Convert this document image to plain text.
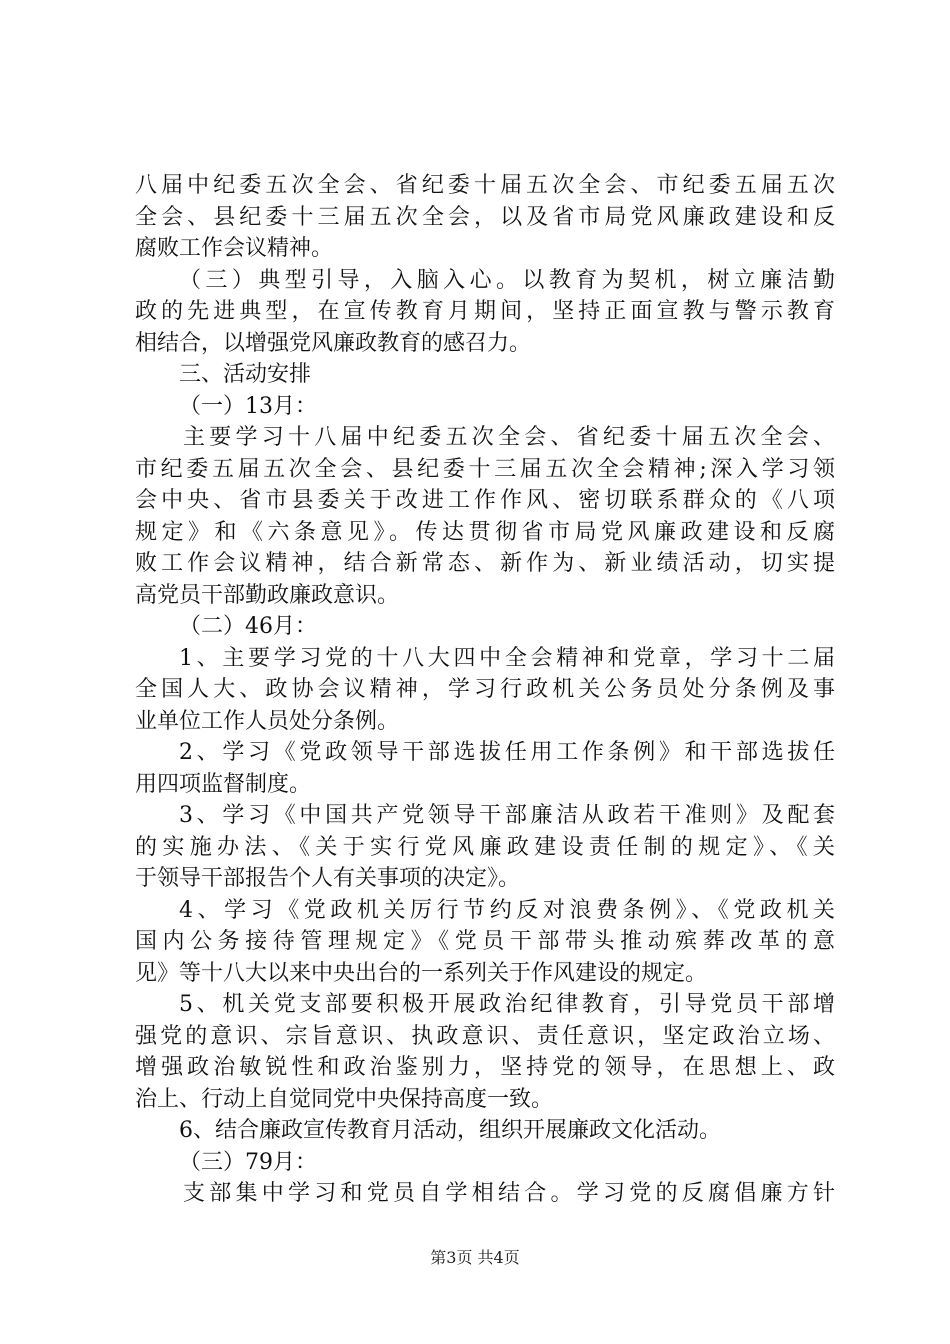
八届中纪委五次全会、省纪委十届五次全会、市纪委五届五次
全会、县纪委十三届五次全会，以及省市局党风廉政建设和反
腐败工作会议精神。
（三）典型引导，入脑入心。以教育为契机，树立廉洁勤
政的先进典型，在宣传教育月期间，坚持正面宣教与警示教育
相结合，以增强党风廉政教育的感召力。
三、活动安排
（一）13月：
主要学习十八届中纪委五次全会、省纪委十届五次全会、
市纪委五届五次全会、县纪委十三届五次全会精神;深入学习领
会中央、省市县委关于改进工作作风、密切联系群众的《八项
规定》和《六条意见》。传达贯彻省市局党风廉政建设和反腐
败工作会议精神，结合新常态、新作为、新业绩活动，切实提
高党员干部勤政廉政意识。
（二）46月：
1、主要学习党的十八大四中全会精神和党章，学习十二届
全国人大、政协会议精神，学习行政机关公务员处分条例及事
业单位工作人员处分条例。
2、学习《党政领导干部选拔任用工作条例》和干部选拔任
用四项监督制度。
3、学习《中国共产党领导干部廉洁从政若干准则》及配套
的实施办法、《关于实行党风廉政建设责任制的规定》、《关
于领导干部报告个人有关事项的决定》。
4、学习《党政机关厉行节约反对浪费条例》、《党政机关
国内公务接待管理规定》《党员干部带头推动殡葬改革的意
见》等十八大以来中央出台的一系列关于作风建设的规定。
5、机关党支部要积极开展政治纪律教育，引导党员干部增
强党的意识、宗旨意识、执政意识、责任意识，坚定政治立场、
增强政治敏锐性和政治鉴别力，坚持党的领导，在思想上、政
治上、行动上自觉同党中央保持高度一致。
6、结合廉政宣传教育月活动，组织开展廉政文化活动。
（三）79月：
支部集中学习和党员自学相结合。学习党的反腐倡廉方针
第3页 共4页
